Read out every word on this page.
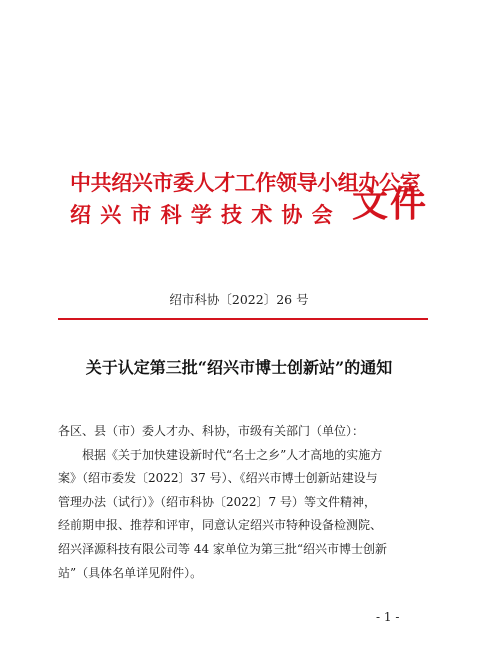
中共绍兴市委人才工作领导小组办公室
绍兴市科学技术协会 文件
绍市科协〔2022〕26 号
关于认定第三批“绍兴市博士创新站”的通知

各区、县（市）委人才办、科协，市级有关部门（单位）：

根据《关于加快建设新时代“名士之乡”人才高地的实施方

案》（绍市委发〔2022〕37 号）、《绍兴市博士创新站建设与

管理办法（试行）》（绍市科协〔2022〕7 号）等文件精神，

经前期申报、推荐和评审，同意认定绍兴市特种设备检测院、

绍兴泽源科技有限公司等 44 家单位为第三批“绍兴市博士创新

站”（具体名单详见附件）。

- 1 -
